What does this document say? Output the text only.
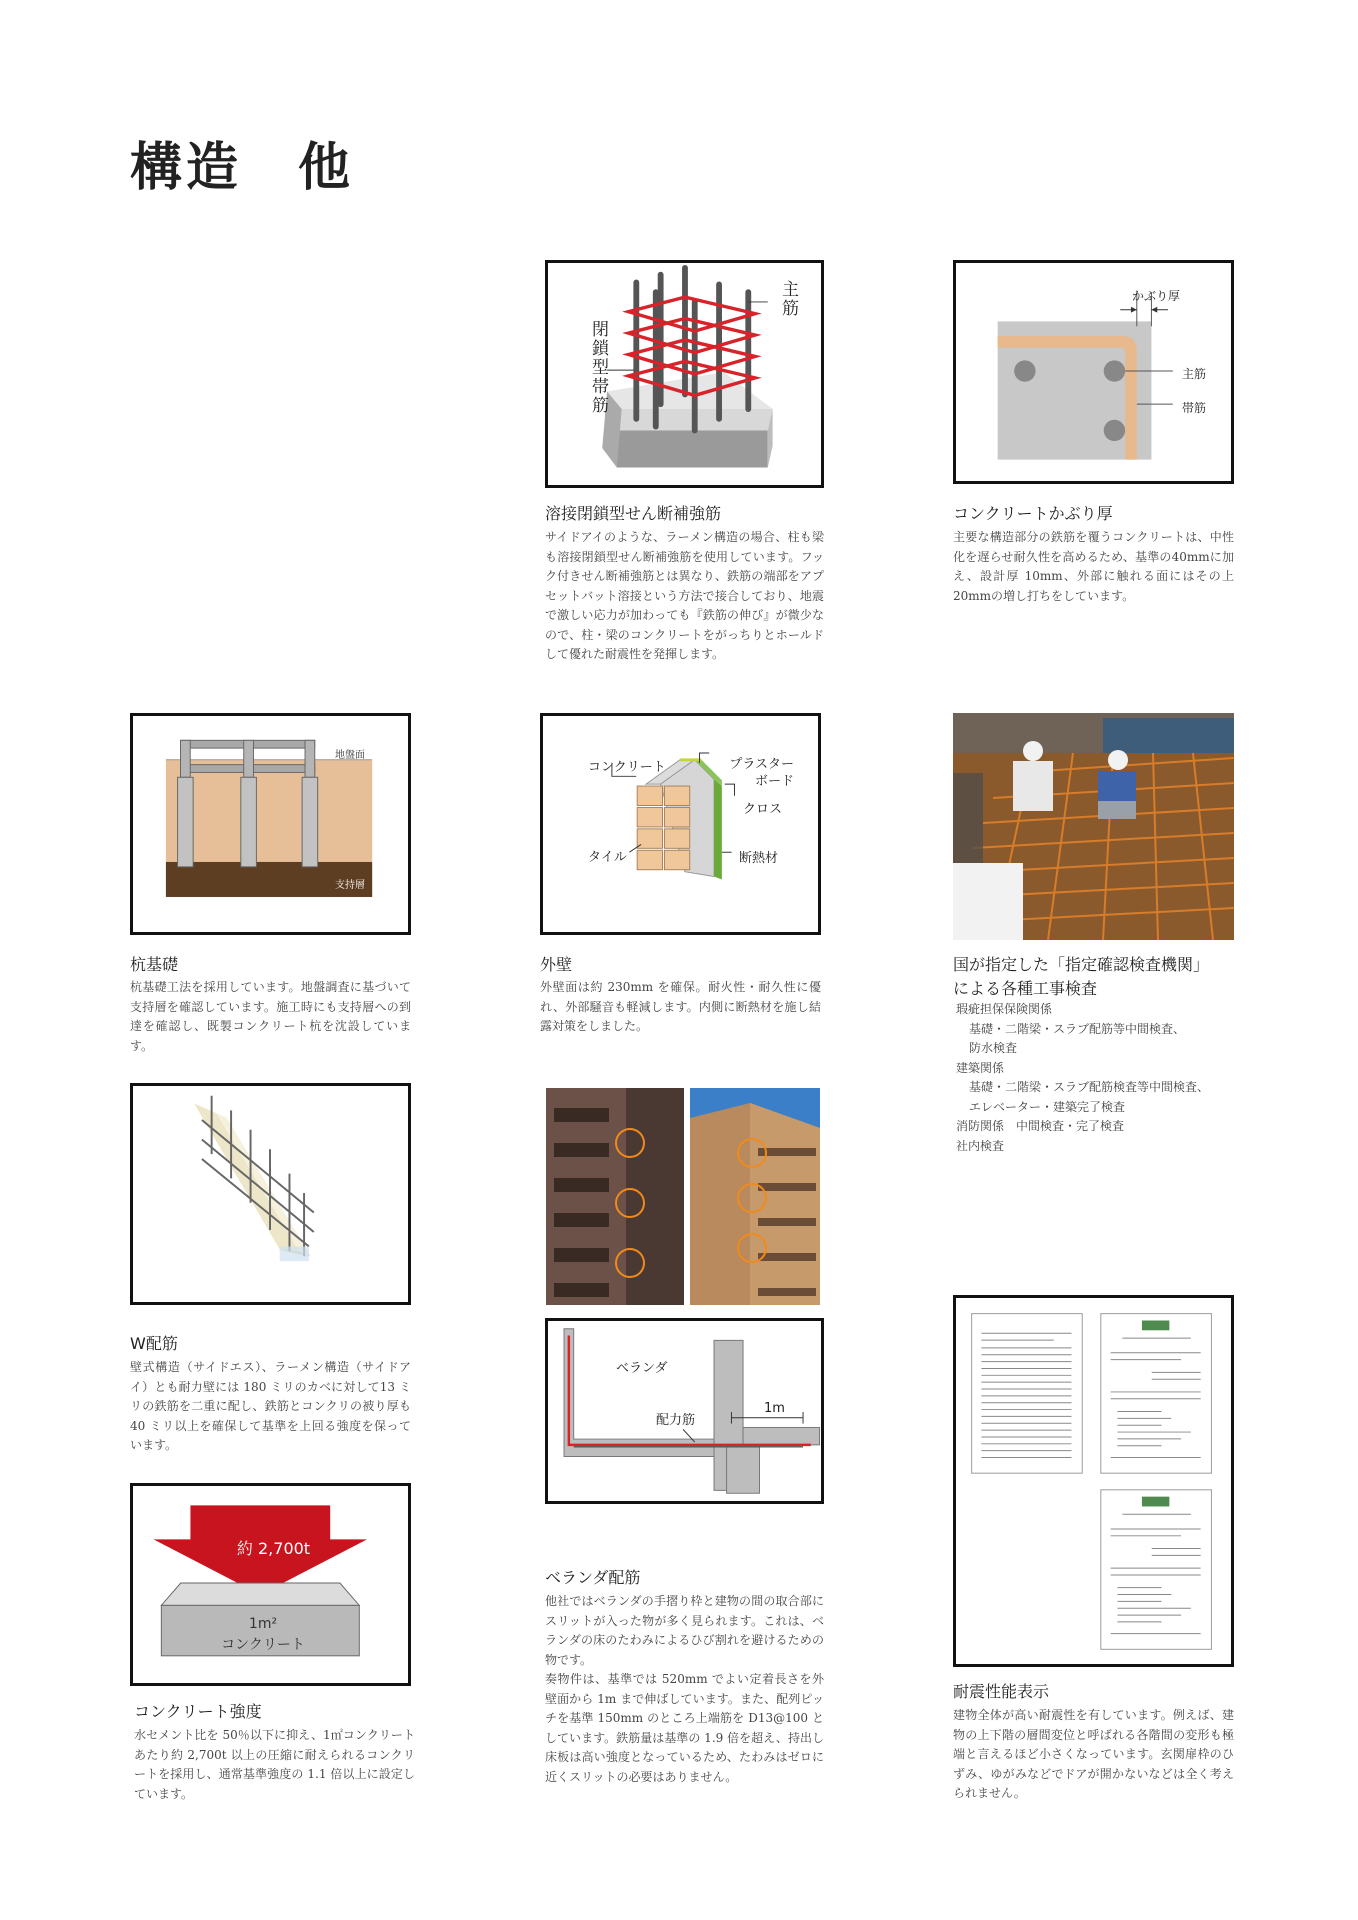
構造　他
主筋
閉鎖型帯筋
溶接閉鎖型せん断補強筋
サイドアイのような、ラーメン構造の場合、柱も梁も溶接閉鎖型せん断補強筋を使用しています。フック付きせん断補強筋とは異なり、鉄筋の端部をアプセットバット溶接という方法で接合しており、地震で激しい応力が加わっても『鉄筋の伸び』が微少なので、柱・梁のコンクリートをがっちりとホールドして優れた耐震性を発揮します。
かぶり厚
主筋
帯筋
コンクリートかぶり厚
主要な構造部分の鉄筋を覆うコンクリートは、中性化を遅らせ耐久性を高めるため、基準の40mmに加え、設計厚 10mm、外部に触れる面にはその上 20mmの増し打ちをしています。
地盤面
支持層
杭基礎
杭基礎工法を採用しています。地盤調査に基づいて支持層を確認しています。施工時にも支持層への到達を確認し、既製コンクリート杭を沈設しています。
コンクリート	プラスター
ボード
クロス
タイル	断熱材
外壁
外壁面は約 230mm を確保。耐火性・耐久性に優れ、外部騒音も軽減します。内側に断熱材を施し結露対策をしました。
国が指定した「指定確認検査機関」
による各種工事検査
瑕疵担保保険関係
基礎・二階梁・スラブ配筋等中間検査、
防水検査
建築関係
基礎・二階梁・スラブ配筋検査等中間検査、
エレベーター・建築完了検査
消防関係　中間検査・完了検査
社内検査
W配筋
壁式構造（サイドエス）、ラーメン構造（サイドアイ）とも耐力壁には 180 ミリのカベに対して13 ミリの鉄筋を二重に配し、鉄筋とコンクリの被り厚も 40 ミリ以上を確保して基準を上回る強度を保っています。
ベランダ
配力筋
1m
ベランダ配筋
他社ではベランダの手摺り枠と建物の間の取合部にスリットが入った物が多く見られます。これは、ベランダの床のたわみによるひび割れを避けるための物です。
奏物件は、基準では 520mm でよい定着長さを外壁面から 1m まで伸ばしています。また、配列ピッチを基準 150mm のところ上端筋を D13@100 としています。鉄筋量は基準の 1.9 倍を超え、持出し床板は高い強度となっているため、たわみはゼロに近くスリットの必要はありません。
約 2,700t
1m²
コンクリート
コンクリート強度
水セメント比を 50％以下に抑え、1㎡コンクリートあたり約 2,700t 以上の圧縮に耐えられるコンクリートを採用し、通常基準強度の 1.1 倍以上に設定しています。
耐震性能表示
建物全体が高い耐震性を有しています。例えば、建物の上下階の層間変位と呼ばれる各階間の変形も極端と言えるほど小さくなっています。玄関扉枠のひずみ、ゆがみなどでドアが開かないなどは全く考えられません。
